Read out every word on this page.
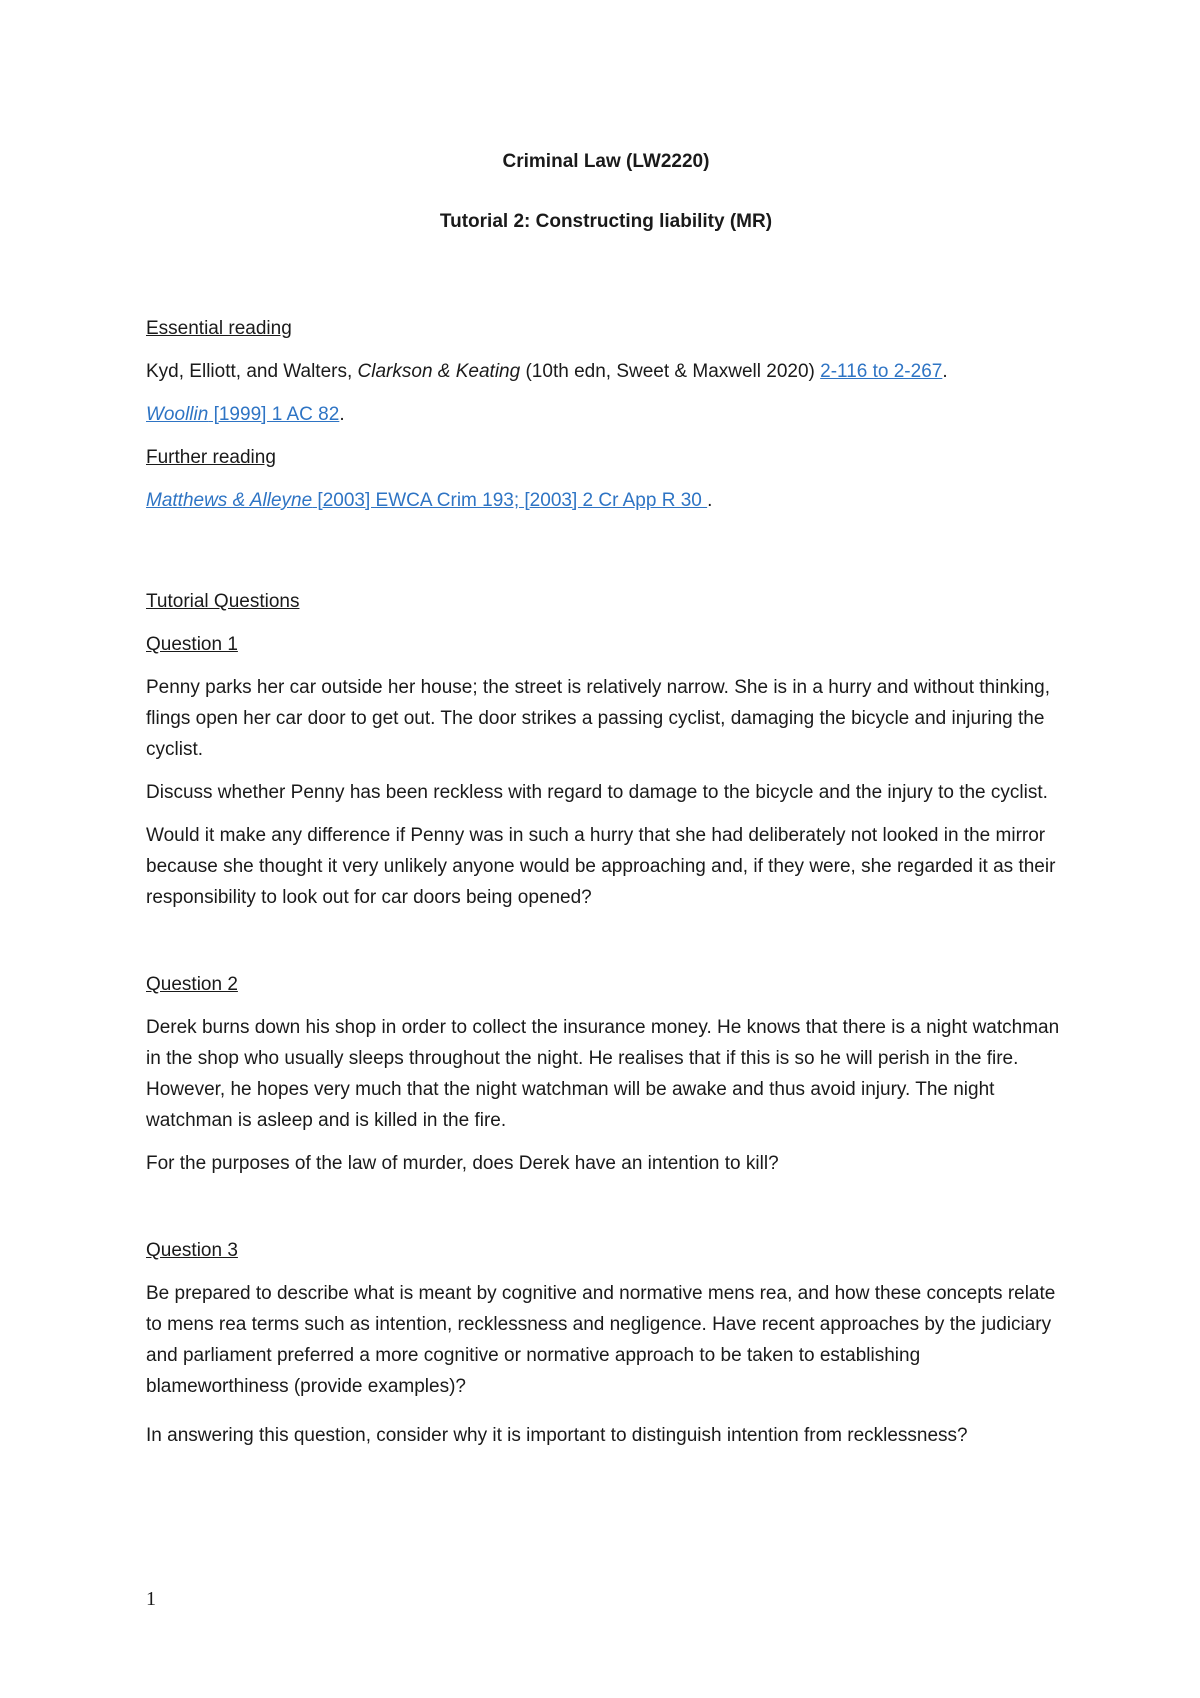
Criminal Law (LW2220)

Tutorial 2: Constructing liability (MR)

Essential reading

Kyd, Elliott, and Walters, Clarkson & Keating (10th edn, Sweet & Maxwell 2020) 2-116 to 2-267.

Woollin [1999] 1 AC 82.

Further reading

Matthews & Alleyne [2003] EWCA Crim 193; [2003] 2 Cr App R 30 .

Tutorial Questions

Question 1

Penny parks her car outside her house; the street is relatively narrow. She is in a hurry and without thinking, flings open her car door to get out. The door strikes a passing cyclist, damaging the bicycle and injuring the cyclist.

Discuss whether Penny has been reckless with regard to damage to the bicycle and the injury to the cyclist.

Would it make any difference if Penny was in such a hurry that she had deliberately not looked in the mirror because she thought it very unlikely anyone would be approaching and, if they were, she regarded it as their responsibility to look out for car doors being opened?

Question 2

Derek burns down his shop in order to collect the insurance money. He knows that there is a night watchman in the shop who usually sleeps throughout the night. He realises that if this is so he will perish in the fire. However, he hopes very much that the night watchman will be awake and thus avoid injury. The night watchman is asleep and is killed in the fire.

For the purposes of the law of murder, does Derek have an intention to kill?

Question 3

Be prepared to describe what is meant by cognitive and normative mens rea, and how these concepts relate to mens rea terms such as intention, recklessness and negligence. Have recent approaches by the judiciary and parliament preferred a more cognitive or normative approach to be taken to establishing blameworthiness (provide examples)?

In answering this question, consider why it is important to distinguish intention from recklessness?

1
